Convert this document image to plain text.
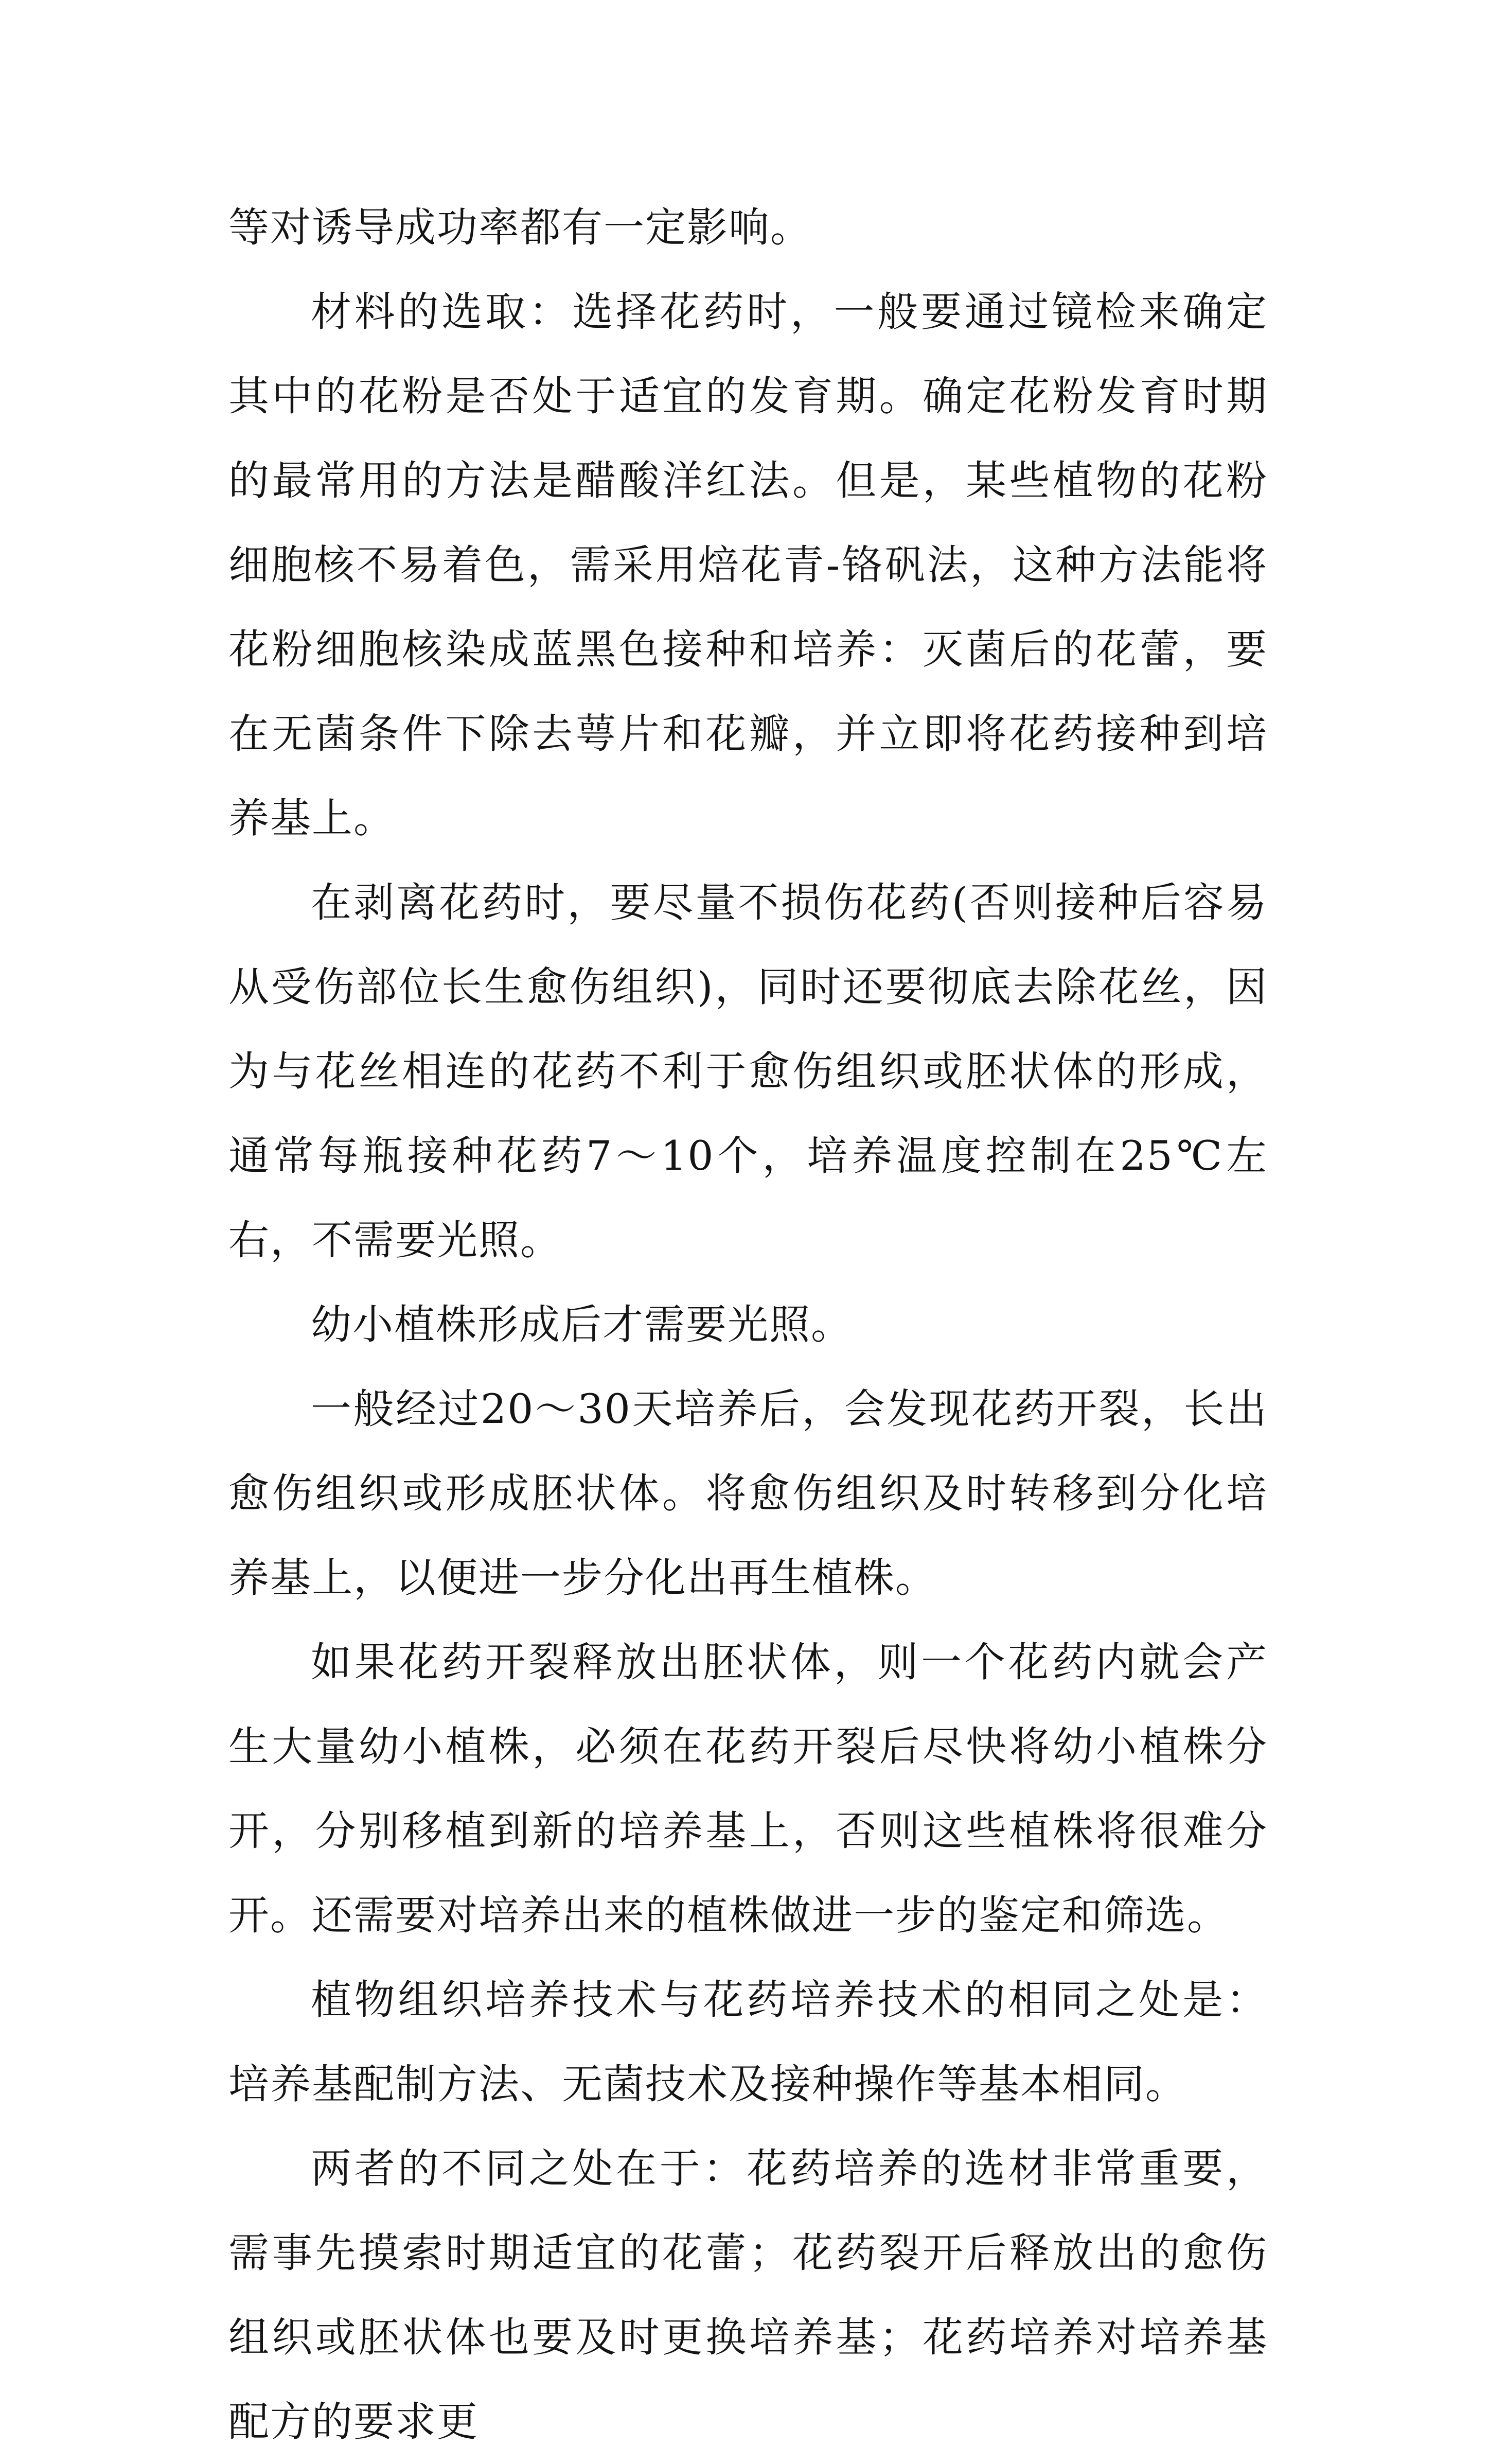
等对诱导成功率都有一定影响。

材料的选取：选择花药时，一般要通过镜检来确定其中的花粉是否处于适宜的发育期。确定花粉发育时期的最常用的方法是醋酸洋红法。但是，某些植物的花粉细胞核不易着色，需采用焙花青-铬矾法，这种方法能将花粉细胞核染成蓝黑色接种和培养：灭菌后的花蕾，要在无菌条件下除去萼片和花瓣，并立即将花药接种到培养基上。

在剥离花药时，要尽量不损伤花药(否则接种后容易从受伤部位长生愈伤组织)，同时还要彻底去除花丝，因为与花丝相连的花药不利于愈伤组织或胚状体的形成，通常每瓶接种花药7～10个，培养温度控制在25℃左右，不需要光照。

幼小植株形成后才需要光照。

一般经过20～30天培养后，会发现花药开裂，长出愈伤组织或形成胚状体。将愈伤组织及时转移到分化培养基上，以便进一步分化出再生植株。

如果花药开裂释放出胚状体，则一个花药内就会产生大量幼小植株，必须在花药开裂后尽快将幼小植株分开，分别移植到新的培养基上，否则这些植株将很难分开。还需要对培养出来的植株做进一步的鉴定和筛选。

植物组织培养技术与花药培养技术的相同之处是：培养基配制方法、无菌技术及接种操作等基本相同。

两者的不同之处在于：花药培养的选材非常重要，需事先摸索时期适宜的花蕾；花药裂开后释放出的愈伤组织或胚状体也要及时更换培养基；花药培养对培养基配方的要求更
